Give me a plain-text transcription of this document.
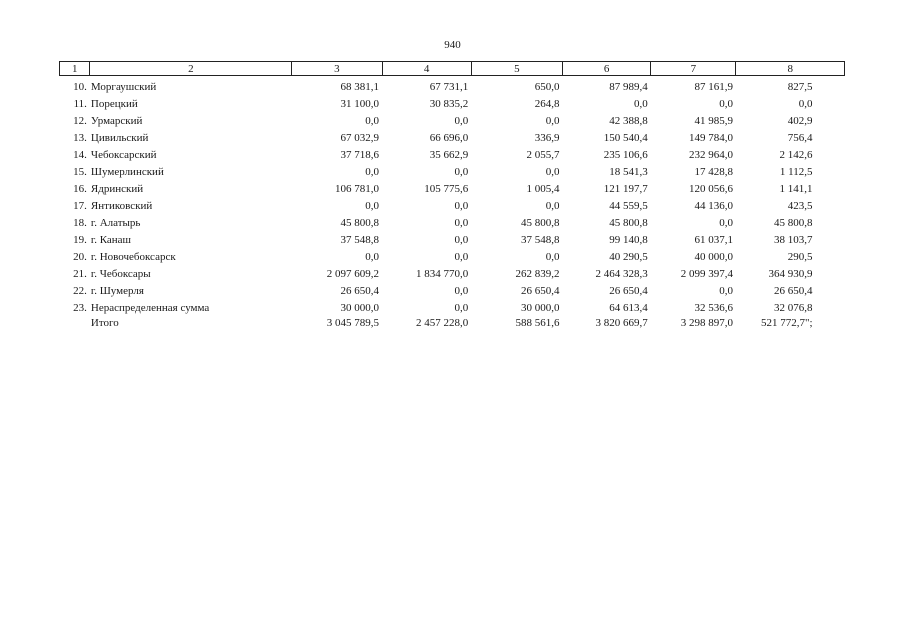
940
1	2	3	4	5	6	7	8
10.	Моргаушский	68 381,1	67 731,1	650,0	87 989,4	87 161,9	827,5
11.	Порецкий	31 100,0	30 835,2	264,8	0,0	0,0	0,0
12.	Урмарский	0,0	0,0	0,0	42 388,8	41 985,9	402,9
13.	Цивильский	67 032,9	66 696,0	336,9	150 540,4	149 784,0	756,4
14.	Чебоксарский	37 718,6	35 662,9	2 055,7	235 106,6	232 964,0	2 142,6
15.	Шумерлинский	0,0	0,0	0,0	18 541,3	17 428,8	1 112,5
16.	Ядринский	106 781,0	105 775,6	1 005,4	121 197,7	120 056,6	1 141,1
17.	Янтиковский	0,0	0,0	0,0	44 559,5	44 136,0	423,5
18.	г. Алатырь	45 800,8	0,0	45 800,8	45 800,8	0,0	45 800,8
19.	г. Канаш	37 548,8	0,0	37 548,8	99 140,8	61 037,1	38 103,7
20.	г. Новочебоксарск	0,0	0,0	0,0	40 290,5	40 000,0	290,5
21.	г. Чебоксары	2 097 609,2	1 834 770,0	262 839,2	2 464 328,3	2 099 397,4	364 930,9
22.	г. Шумерля	26 650,4	0,0	26 650,4	26 650,4	0,0	26 650,4
23.	Нераспределенная сумма	30 000,0	0,0	30 000,0	64 613,4	32 536,6	32 076,8
	Итого	3 045 789,5	2 457 228,0	588 561,6	3 820 669,7	3 298 897,0	521 772,7";
